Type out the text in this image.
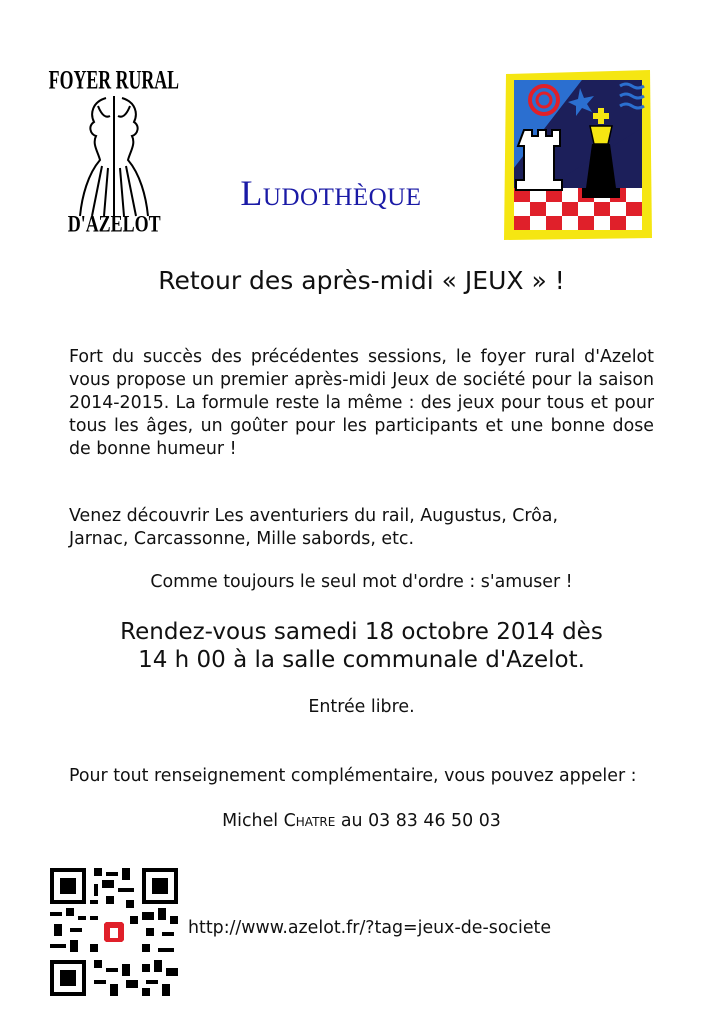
FOYER RURAL
D'AZELOT
Ludothèque
Retour des après-midi « JEUX » !
Fort du succès des précédentes sessions, le foyer rural d'Azelot vous propose un premier après-midi Jeux de société pour la saison 2014-2015. La formule reste la même : des jeux pour tous et pour tous les âges, un goûter pour les participants et une bonne dose de bonne humeur !
Venez découvrir Les aventuriers du rail, Augustus, Crôa,
Jarnac, Carcassonne, Mille sabords, etc.
Comme toujours le seul mot d'ordre : s'amuser !
Rendez-vous samedi 18 octobre 2014 dès
14 h 00 à la salle communale d'Azelot.
Entrée libre.
Pour tout renseignement complémentaire, vous pouvez appeler :
Michel Chatre au 03 83 46 50 03
http://www.azelot.fr/?tag=jeux-de-societe
